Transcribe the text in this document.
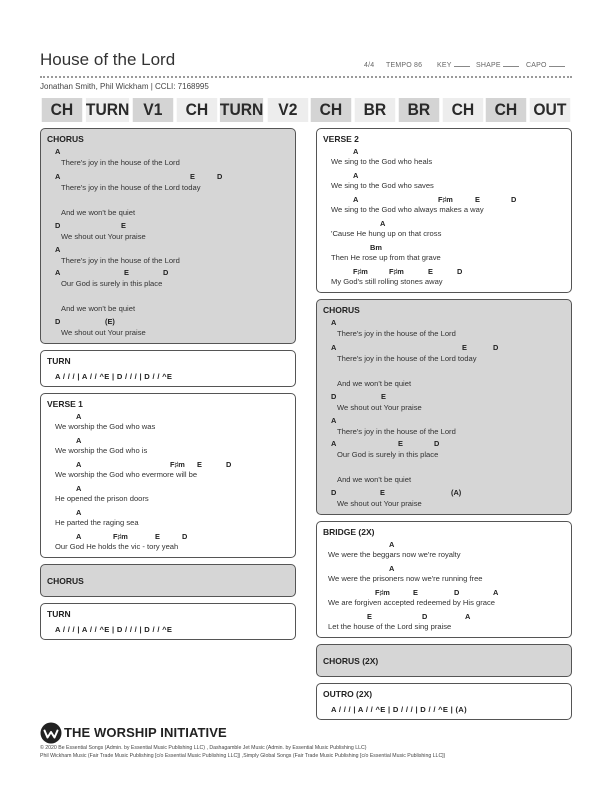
House of the Lord	4/4 TEMPO 86 KEY	SHAPE	CAPO
Jonathan Smith, Phil Wickham | CCLI: 7168995
CH TURN V1	CH TURN V2	CH	BR	BR	CH	CH OUT
CHORUS
A
There's joy in the house of the Lord
A	E	D
There's joy in the house of the Lord today
And we won't be quiet
D	E
We shout out Your praise
A
There's joy in the house of the Lord
A	E	D
Our God is surely in this place
And we won't be quiet
D	(E)
We shout out Your praise
TURN
A / / / | A / / ^E | D / / / | D / / ^E
VERSE 1
A
We worship the God who was
A
We worship the God who is
A	F♯m E	D
We worship the God who evermore will be
A
He opened the prison doors
A
He parted the raging sea
A	F♯m	E	D
Our God He holds the vic - tory yeah
CHORUS
TURN
A / / / | A / / ^E | D / / / | D / / ^E
VERSE 2
A
We sing to the God who heals
A
We sing to the God who saves
A	F♯m	E	D
We sing to the God who always makes a way
A
'Cause He hung up on that cross
Bm
Then He rose up from that grave
F♯m	F♯m	E	D
My God's still rolling stones away
CHORUS
A
There's joy in the house of the Lord
A	E	D
There's joy in the house of the Lord today
And we won't be quiet
D	E
We shout out Your praise
A
There's joy in the house of the Lord
A	E	D
Our God is surely in this place
And we won't be quiet
D	E	(A)
We shout out Your praise
BRIDGE (2X)
A
We were the beggars now we're royalty
A
We were the prisoners now we're running free
F♯m	E	D	A
We are forgiven accepted redeemed by His grace
E	D	A
Let the house of the Lord sing praise
CHORUS (2X)
OUTRO (2X)
A / / / | A / / ^E | D / / / | D / / ^E | (A)
THE WORSHIP INITIATIVE
© 2020 Be Essential Songs (Admin. by Essential Music Publishing LLC) , Dashagamble Jet Music (Admin. by Essential Music Publishing LLC)
Phil Wickham Music (Fair Trade Music Publishing [c/o Essential Music Publishing LLC]) ,Simply Global Songs (Fair Trade Music Publishing [c/o Essential Music Publishing LLC])
